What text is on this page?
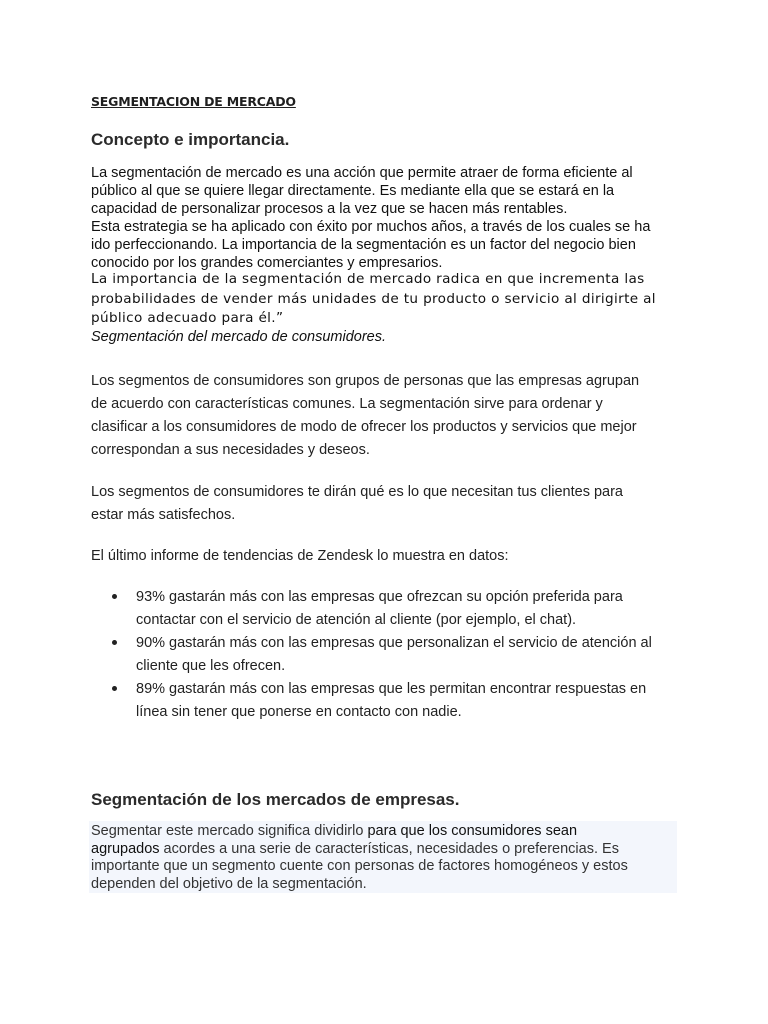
SEGMENTACION DE MERCADO
Concepto e importancia.

La segmentación de mercado es una acción que permite atraer de forma eficiente al

público al que se quiere llegar directamente. Es mediante ella que se estará en la

capacidad de personalizar procesos a la vez que se hacen más rentables.

Esta estrategia se ha aplicado con éxito por muchos años, a través de los cuales se ha

ido perfeccionando. La importancia de la segmentación es un factor del negocio bien

conocido por los grandes comerciantes y empresarios.

La importancia de la segmentación de mercado radica en que incrementa las

probabilidades de vender más unidades de tu producto o servicio al dirigirte al

público adecuado para él.”

Segmentación del mercado de consumidores.

Los segmentos de consumidores son grupos de personas que las empresas agrupan

de acuerdo con características comunes. La segmentación sirve para ordenar y

clasificar a los consumidores de modo de ofrecer los productos y servicios que mejor

correspondan a sus necesidades y deseos.

Los segmentos de consumidores te dirán qué es lo que necesitan tus clientes para

estar más satisfechos.

El último informe de tendencias de Zendesk lo muestra en datos:

93% gastarán más con las empresas que ofrezcan su opción preferida para

contactar con el servicio de atención al cliente (por ejemplo, el chat).

90% gastarán más con las empresas que personalizan el servicio de atención al

cliente que les ofrecen.

89% gastarán más con las empresas que les permitan encontrar respuestas en

línea sin tener que ponerse en contacto con nadie.

Segmentación de los mercados de empresas.

Segmentar este mercado significa dividirlo para que los consumidores sean

agrupados acordes a una serie de características, necesidades o preferencias. Es

importante que un segmento cuente con personas de factores homogéneos y estos

dependen del objetivo de la segmentación.
